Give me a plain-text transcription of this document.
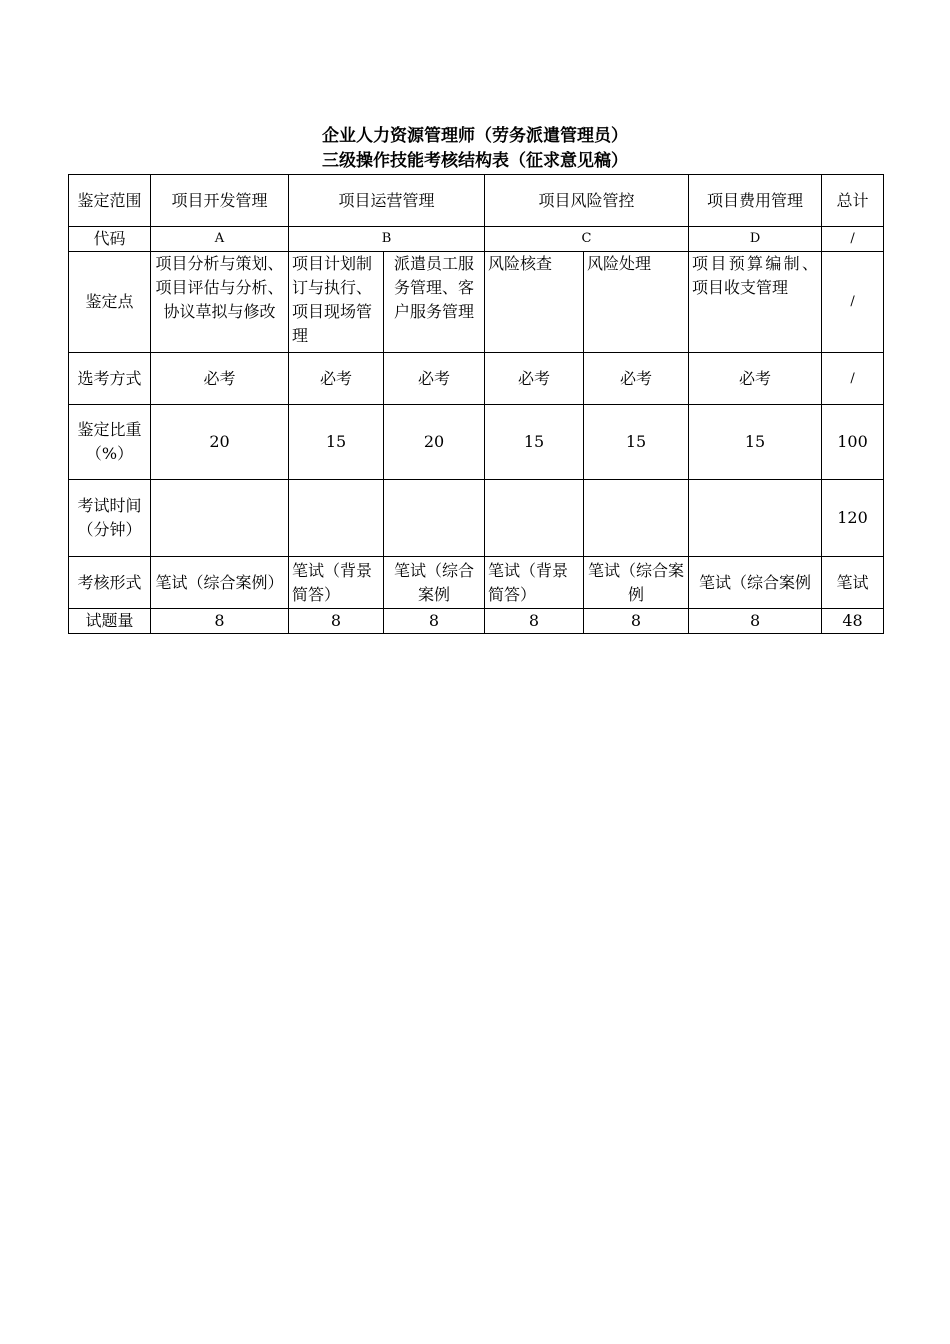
企业人力资源管理师（劳务派遣管理员）
三级操作技能考核结构表（征求意见稿）
鉴定范围	项目开发管理	项目运营管理		项目风险管控		项目费用管理	总计
代码	A	B		C		D	/
鉴定点	项目分析与策划、项目评估与分析、协议草拟与修改	项目计划制订与执行、项目现场管理	派遣员工服务管理、客户服务管理	风险核查	风险处理	项目预算编制、项目收支管理	/
选考方式	必考	必考	必考	必考	必考	必考	/
鉴定比重（%）	20	15	20	15	15	15	100
考试时间（分钟）							120
考核形式	笔试（综合案例）	笔试（背景简答）	笔试（综合案例	笔试（背景简答）	笔试（综合案例	笔试（综合案例	笔试
试题量	8	8	8	8	8	8	48
